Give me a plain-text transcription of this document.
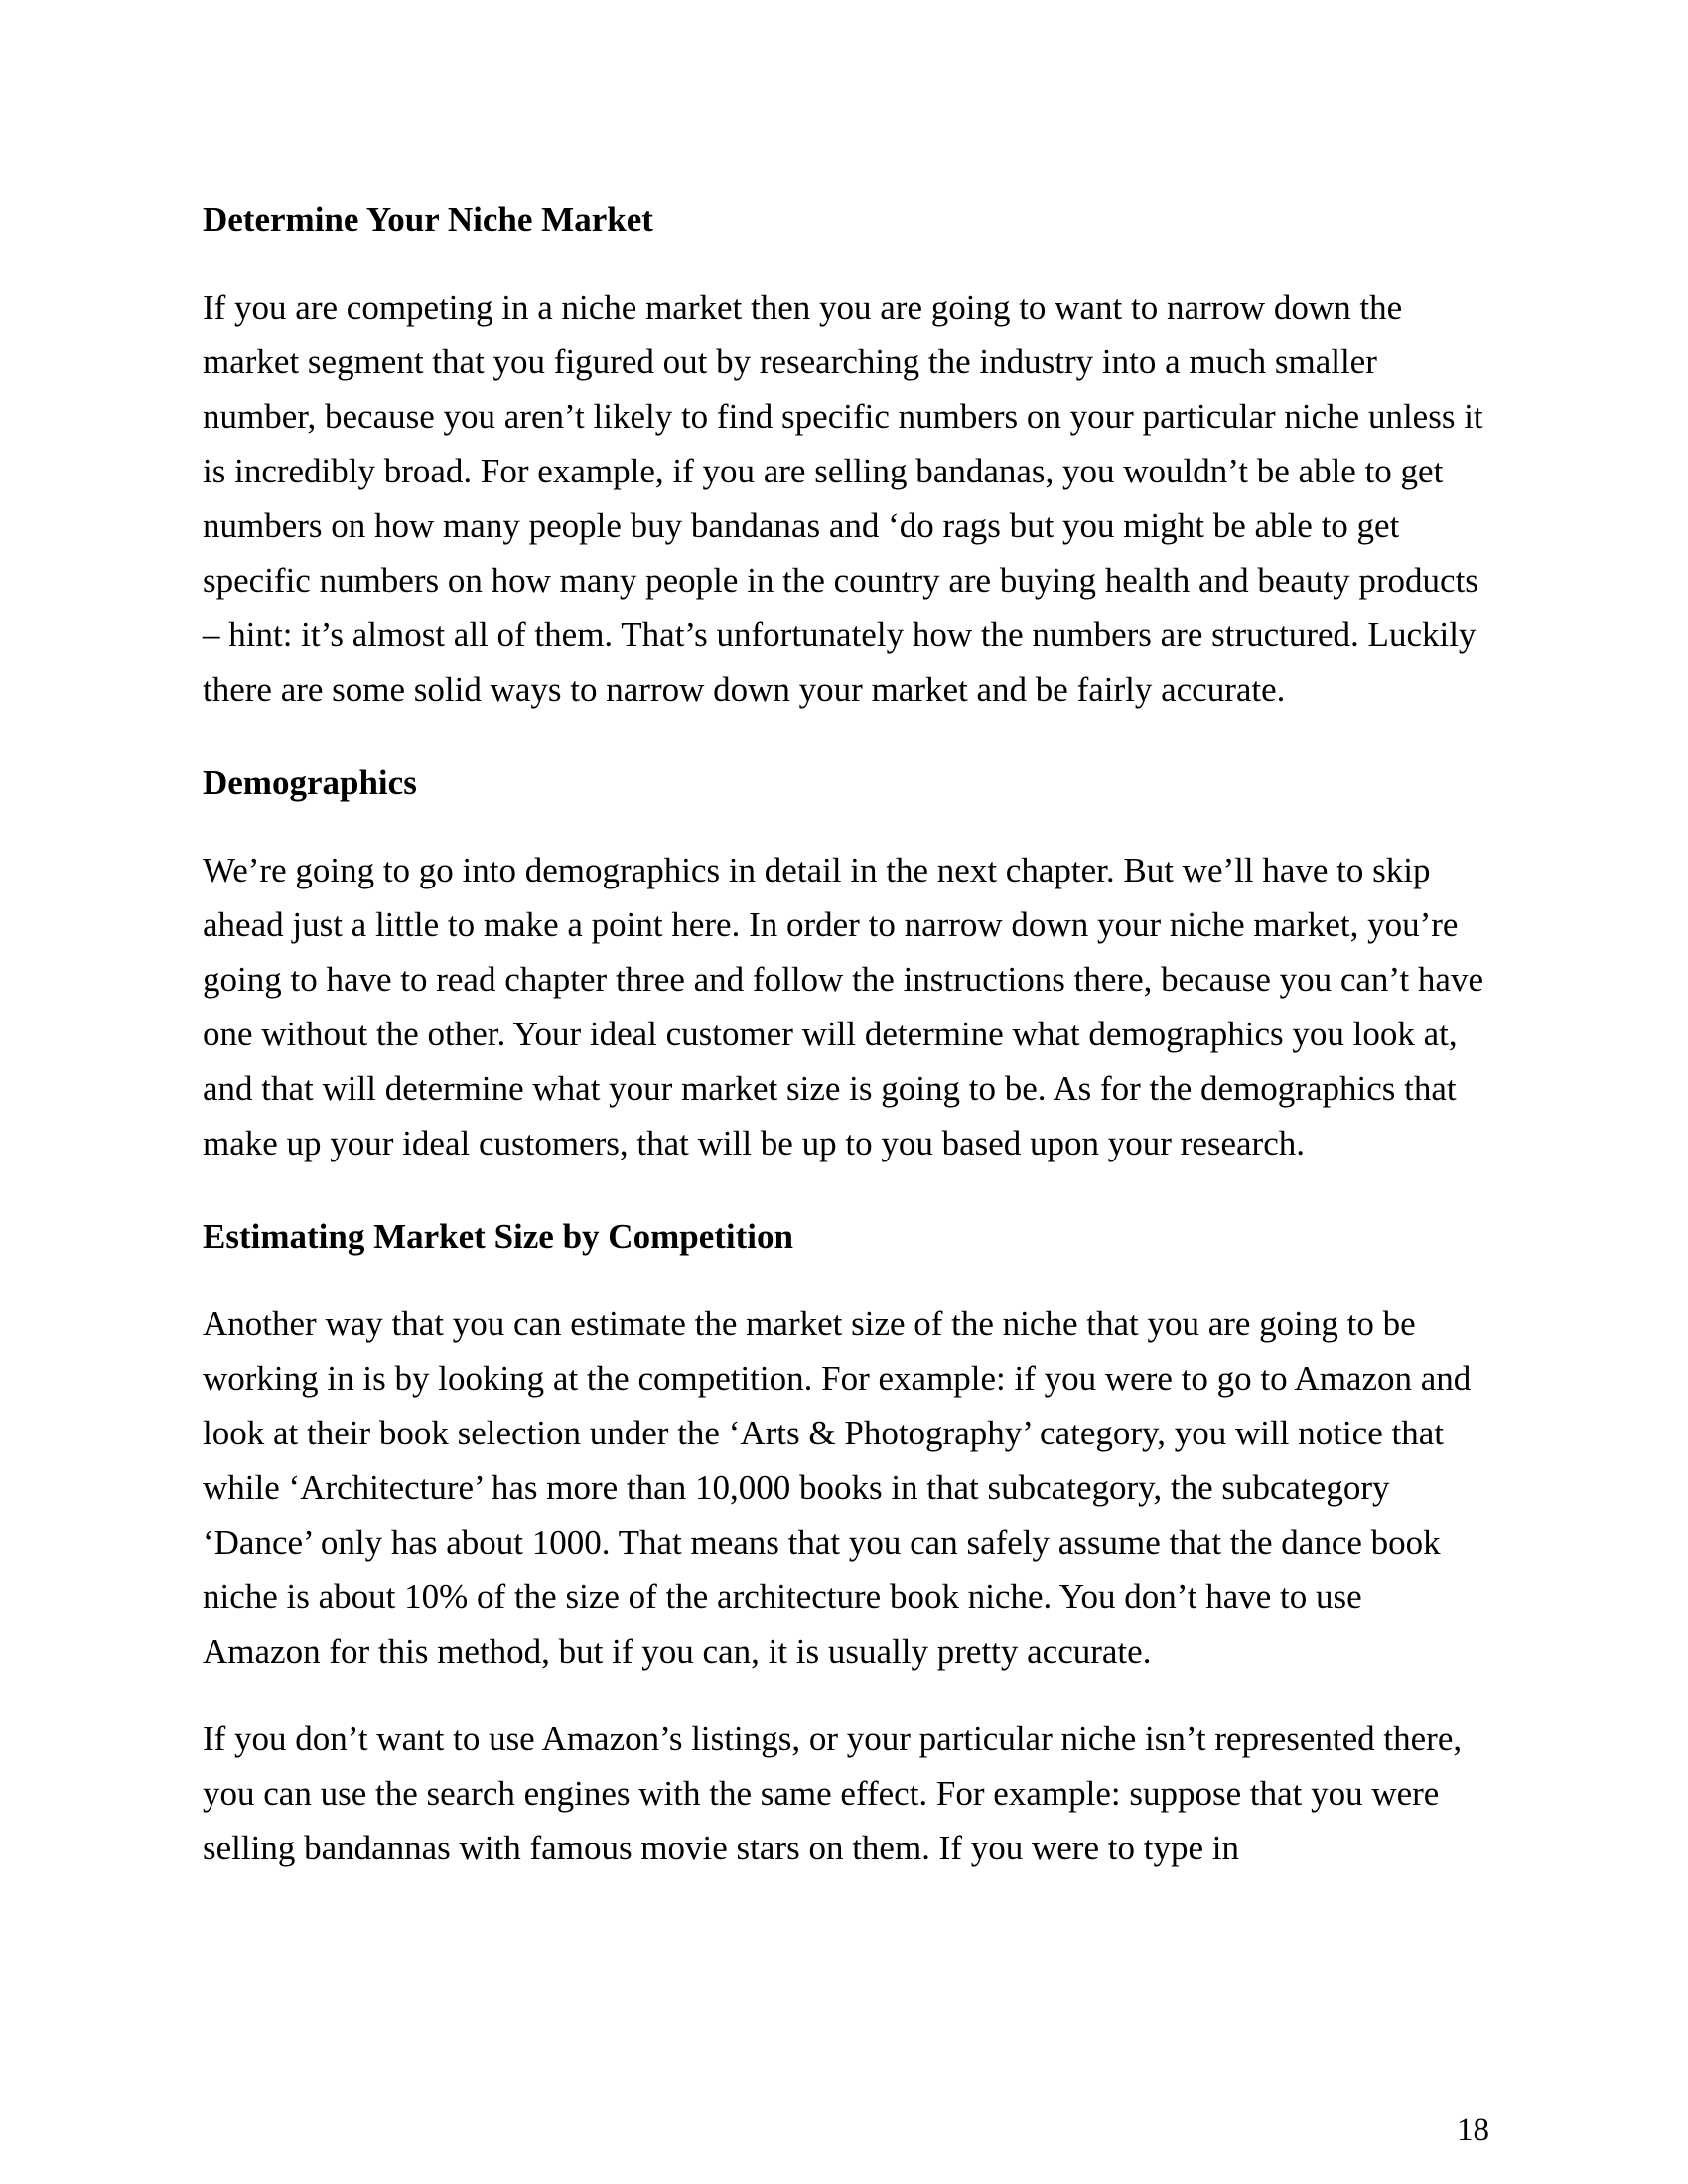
Determine Your Niche Market

If you are competing in a niche market then you are going to want to narrow down the market segment that you figured out by researching the industry into a much smaller number, because you aren’t likely to find specific numbers on your particular niche unless it is incredibly broad. For example, if you are selling bandanas, you wouldn’t be able to get numbers on how many people buy bandanas and ‘do rags but you might be able to get specific numbers on how many people in the country are buying health and beauty products – hint: it’s almost all of them. That’s unfortunately how the numbers are structured. Luckily there are some solid ways to narrow down your market and be fairly accurate.

Demographics

We’re going to go into demographics in detail in the next chapter. But we’ll have to skip ahead just a little to make a point here. In order to narrow down your niche market, you’re going to have to read chapter three and follow the instructions there, because you can’t have one without the other. Your ideal customer will determine what demographics you look at, and that will determine what your market size is going to be. As for the demographics that make up your ideal customers, that will be up to you based upon your research.

Estimating Market Size by Competition

Another way that you can estimate the market size of the niche that you are going to be working in is by looking at the competition. For example: if you were to go to Amazon and look at their book selection under the ‘Arts & Photography’ category, you will notice that while ‘Architecture’ has more than 10,000 books in that subcategory, the subcategory ‘Dance’ only has about 1000. That means that you can safely assume that the dance book niche is about 10% of the size of the architecture book niche. You don’t have to use Amazon for this method, but if you can, it is usually pretty accurate.

If you don’t want to use Amazon’s listings, or your particular niche isn’t represented there, you can use the search engines with the same effect. For example: suppose that you were selling bandannas with famous movie stars on them. If you were to type in

18
